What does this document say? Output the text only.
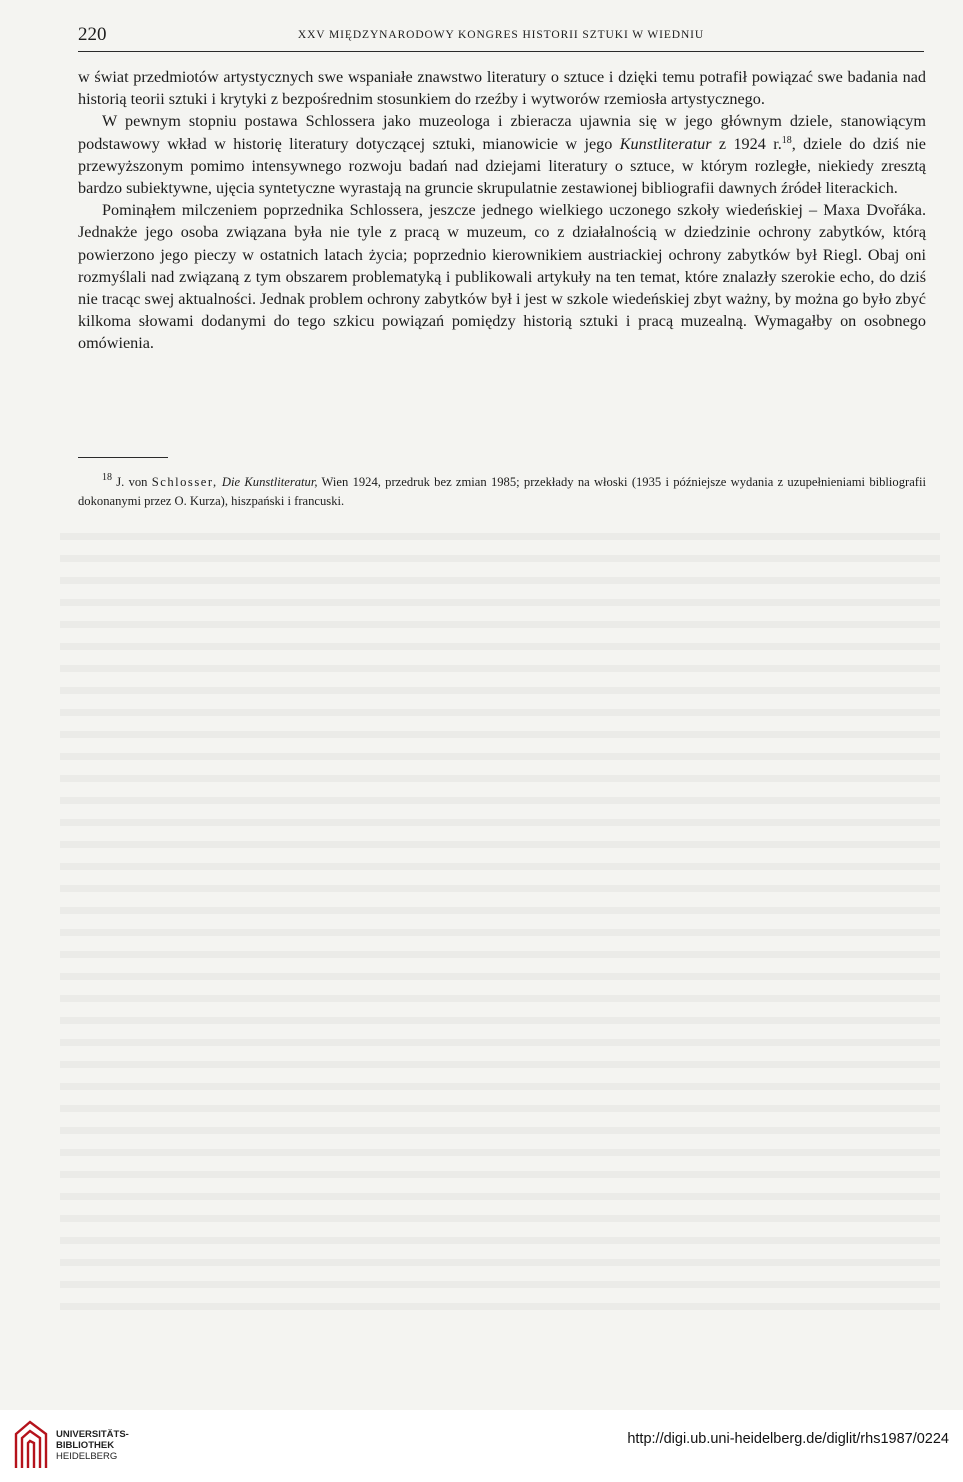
220	XXV MIĘDZYNARODOWY KONGRES HISTORII SZTUKI W WIEDNIU

w świat przedmiotów artystycznych swe wspaniałe znawstwo literatury o sztuce i dzięki temu potrafił powiązać swe badania nad historią teorii sztuki i krytyki z bezpośrednim stosunkiem do rzeźby i wytworów rzemiosła artystycznego.

W pewnym stopniu postawa Schlossera jako muzeologa i zbieracza ujawnia się w jego głównym dziele, stanowiącym podstawowy wkład w historię literatury dotyczącej sztuki, mianowicie w jego Kunstliteratur z 1924 r.$^{18}$, dziele do dziś nie przewyższonym pomimo intensywnego rozwoju badań nad dziejami literatury o sztuce, w którym rozległe, niekiedy zresztą bardzo subiektywne, ujęcia syntetyczne wyrastają na gruncie skrupulatnie zestawionej bibliografii dawnych źródeł literackich.

Pominąłem milczeniem poprzednika Schlossera, jeszcze jednego wielkiego uczonego szkoły wiedeńskiej – Maxa Dvořáka. Jednakże jego osoba związana była nie tyle z pracą w muzeum, co z działalnością w dziedzinie ochrony zabytków, którą powierzono jego pieczy w ostatnich latach życia; poprzednio kierownikiem austriackiej ochrony zabytków był Riegl. Obaj oni rozmyślali nad związaną z tym obszarem problematyką i publikowali artykuły na ten temat, które znalazły szerokie echo, do dziś nie tracąc swej aktualności. Jednak problem ochrony zabytków był i jest w szkole wiedeńskiej zbyt ważny, by można go było zbyć kilkoma słowami dodanymi do tego szkicu powiązań pomiędzy historią sztuki i pracą muzealną. Wymagałby on osobnego omówienia.

$^{18}$ J. von Schlosser, Die Kunstliteratur, Wien 1924, przedruk bez zmian 1985; przekłady na włoski (1935 i późniejsze wydania z uzupełnieniami bibliografii dokonanymi przez O. Kurza), hiszpański i francuski.

UNIVERSITÄTS-
BIBLIOTHEK
HEIDELBERG
http://digi.ub.uni-heidelberg.de/diglit/rhs1987/0224
